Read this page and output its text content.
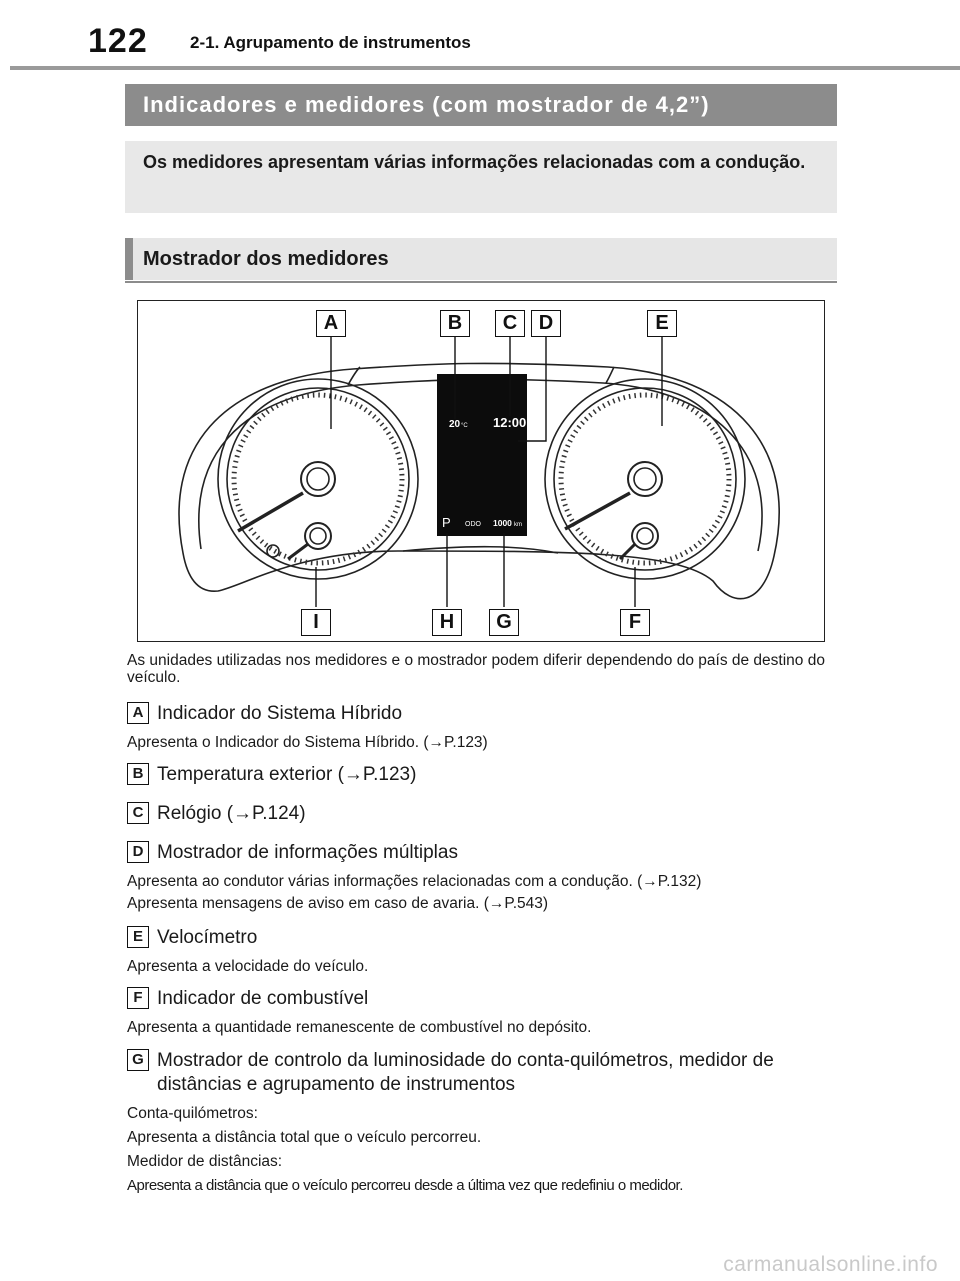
122 2-1. Agrupamento de instrumentos
Indicadores e medidores (com mostrador de 4,2”)
Os medidores apresentam várias informações relacionadas com a condução.
Mostrador dos medidores
20 °C 12:00
P ODO 1000 km
A	B	C	D	E
F
G
H
I
As unidades utilizadas nos medidores e o mostrador podem diferir dependendo do país de destino do veículo.
A Indicador do Sistema Híbrido
Apresenta o Indicador do Sistema Híbrido. (→P.123)
B Temperatura exterior (→P.123)
C Relógio (→P.124)
D Mostrador de informações múltiplas
Apresenta ao condutor várias informações relacionadas com a condução. (→P.132)
Apresenta mensagens de aviso em caso de avaria. (→P.543)
E Velocímetro
Apresenta a velocidade do veículo.
F Indicador de combustível
Apresenta a quantidade remanescente de combustível no depósito.
G Mostrador de controlo da luminosidade do conta-quilómetros, medidor de distâncias e agrupamento de instrumentos
Conta-quilómetros:
Apresenta a distância total que o veículo percorreu.
Medidor de distâncias:
Apresenta a distância que o veículo percorreu desde a última vez que redefiniu o medidor.
carmanualsonline.info
